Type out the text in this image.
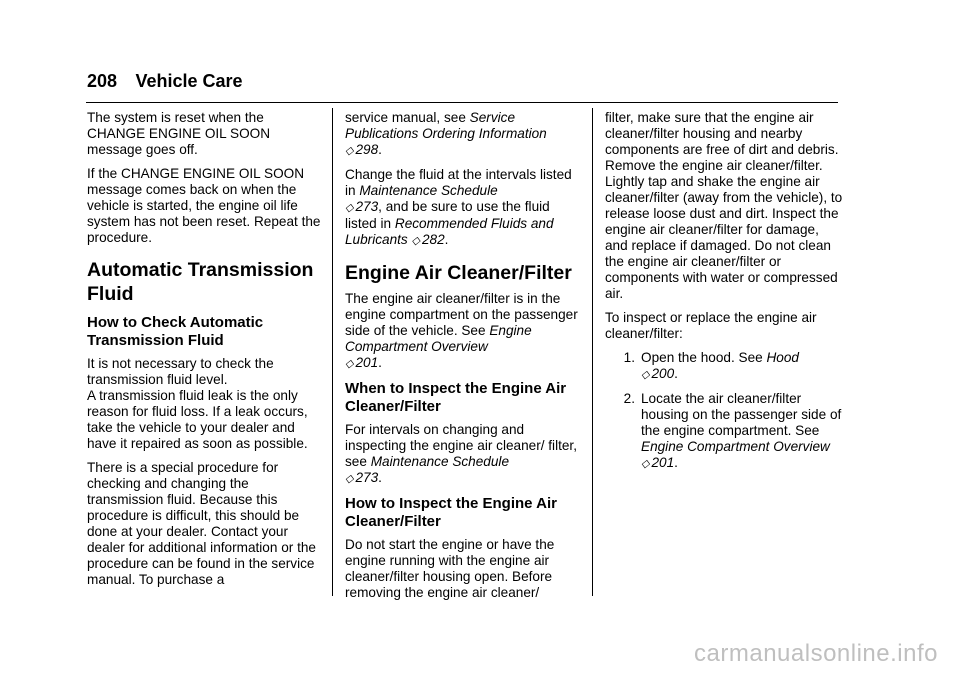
208 Vehicle Care

The system is reset when the CHANGE ENGINE OIL SOON message goes off.

If the CHANGE ENGINE OIL SOON message comes back on when the vehicle is started, the engine oil life system has not been reset. Repeat the procedure.

Automatic Transmission Fluid
How to Check Automatic Transmission Fluid
It is not necessary to check the transmission fluid level.

A transmission fluid leak is the only reason for fluid loss. If a leak occurs, take the vehicle to your dealer and have it repaired as soon as possible.

There is a special procedure for checking and changing the transmission fluid. Because this procedure is difficult, this should be done at your dealer. Contact your dealer for additional information or the procedure can be found in the service manual. To purchase a

service manual, see Service Publications Ordering Information
◇ 298.

Change the fluid at the intervals listed in Maintenance Schedule
◇ 273, and be sure to use the fluid listed in Recommended Fluids and Lubricants ◇ 282.

Engine Air Cleaner/Filter

The engine air cleaner/filter is in the engine compartment on the passenger side of the vehicle. See Engine Compartment Overview
◇ 201.

When to Inspect the Engine Air Cleaner/Filter

For intervals on changing and inspecting the engine air cleaner/ filter, see Maintenance Schedule
◇ 273.

How to Inspect the Engine Air Cleaner/Filter

Do not start the engine or have the engine running with the engine air cleaner/filter housing open. Before removing the engine air cleaner/

filter, make sure that the engine air cleaner/filter housing and nearby components are free of dirt and debris. Remove the engine air cleaner/filter. Lightly tap and shake the engine air cleaner/filter (away from the vehicle), to release loose dust and dirt. Inspect the engine air cleaner/filter for damage, and replace if damaged. Do not clean the engine air cleaner/filter or components with water or compressed air.

To inspect or replace the engine air cleaner/filter:

1. Open the hood. See Hood
◇ 200.
2. Locate the air cleaner/filter housing on the passenger side of the engine compartment. See Engine Compartment Overview ◇ 201.
carmanualsonline.info
